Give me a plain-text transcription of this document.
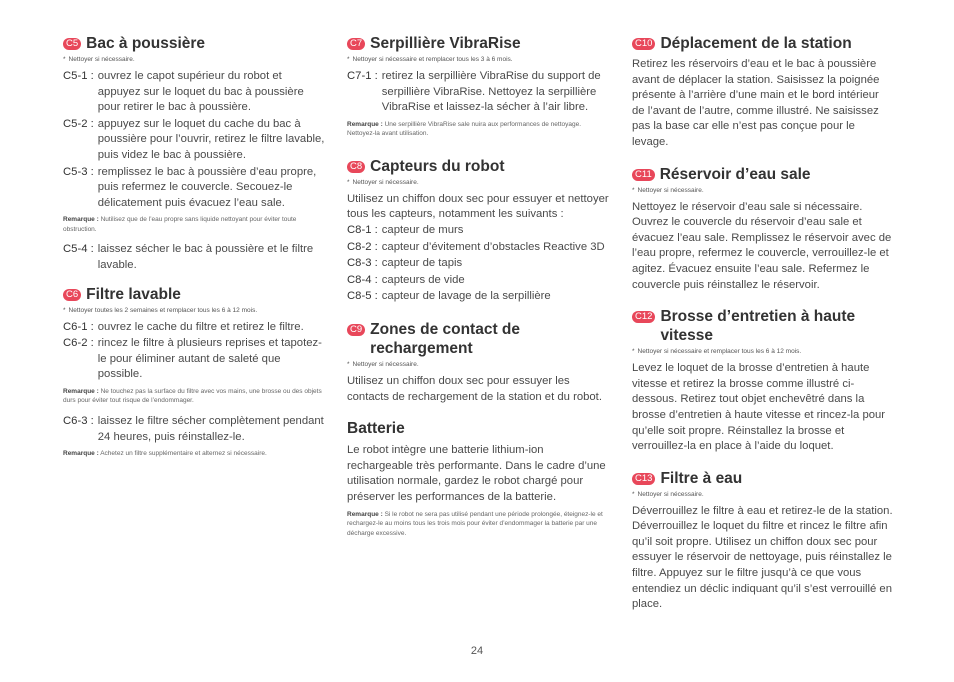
C5 Bac à poussière
* Nettoyer si nécessaire.
C5-1 : ouvrez le capot supérieur du robot et appuyez sur le loquet du bac à poussière pour retirer le bac à poussière.
C5-2 : appuyez sur le loquet du cache du bac à poussière pour l’ouvrir, retirez le filtre lavable, puis videz le bac à poussière.
C5-3 : remplissez le bac à poussière d’eau propre, puis refermez le couvercle. Secouez-le délicatement puis évacuez l’eau sale.
Remarque : Nutilisez que de l’eau propre sans liquide nettoyant pour éviter toute obstruction.
C5-4 : laissez sécher le bac à poussière et le filtre lavable.
C6 Filtre lavable
* Nettoyer toutes les 2 semaines et remplacer tous les 6 à 12 mois.
C6-1 : ouvrez le cache du filtre et retirez le filtre.
C6-2 : rincez le filtre à plusieurs reprises et tapotez-le pour éliminer autant de saleté que possible.
Remarque : Ne touchez pas la surface du filtre avec vos mains, une brosse ou des objets durs pour éviter tout risque de l’endommager.
C6-3 : laissez le filtre sécher complètement pendant 24 heures, puis réinstallez-le.
Remarque : Achetez un filtre supplémentaire et alternez si nécessaire.
C7 Serpillière VibraRise
* Nettoyer si nécessaire et remplacer tous les 3 à 6 mois.
C7-1 : retirez la serpillière VibraRise du support de serpillière VibraRise. Nettoyez la serpillière VibraRise et laissez-la sécher à l’air libre.
Remarque : Une serpillière VibraRise sale nuira aux performances de nettoyage. Nettoyez-la avant utilisation.
C8 Capteurs du robot
* Nettoyer si nécessaire.

Utilisez un chiffon doux sec pour essuyer et nettoyer tous les capteurs, notamment les suivants :

C8-1 : capteur de murs
C8-2 : capteur d’évitement d’obstacles Reactive 3D
C8-3 : capteur de tapis
C8-4 : capteurs de vide
C8-5 : capteur de lavage de la serpillière
C9 Zones de contact de rechargement
* Nettoyer si nécessaire.

Utilisez un chiffon doux sec pour essuyer les contacts de rechargement de la station et du robot.

Batterie

Le robot intègre une batterie lithium-ion rechargeable très performante. Dans le cadre d’une utilisation normale, gardez le robot chargé pour préserver les performances de la batterie.

Remarque : Si le robot ne sera pas utilisé pendant une période prolongée, éteignez-le et rechargez-le au moins tous les trois mois pour éviter d’endommager la batterie par une décharge excessive.
C10 Déplacement de la station

Retirez les réservoirs d’eau et le bac à poussière avant de déplacer la station. Saisissez la poignée présente à l’arrière d’une main et le bord intérieur de l’avant de l’autre, comme illustré. Ne saisissez pas la base car elle n’est pas conçue pour le levage.

C11 Réservoir d’eau sale
* Nettoyer si nécessaire.

Nettoyez le réservoir d’eau sale si nécessaire. Ouvrez le couvercle du réservoir d’eau sale et évacuez l’eau sale. Remplissez le réservoir avec de l’eau propre, refermez le couvercle, verrouillez-le et agitez. Évacuez ensuite l’eau sale. Refermez le couvercle puis réinstallez le réservoir.

C12 Brosse d’entretien à haute vitesse
* Nettoyer si nécessaire et remplacer tous les 6 à 12 mois.

Levez le loquet de la brosse d’entretien à haute vitesse et retirez la brosse comme illustré ci-dessous. Retirez tout objet enchevêtré dans la brosse d’entretien à haute vitesse et rincez-la pour qu’elle soit propre. Réinstallez la brosse et verrouillez-la en place à l’aide du loquet.

C13 Filtre à eau
* Nettoyer si nécessaire.

Déverrouillez le filtre à eau et retirez-le de la station. Déverrouillez le loquet du filtre et rincez le filtre afin qu’il soit propre. Utilisez un chiffon doux sec pour essuyer le réservoir de nettoyage, puis réinstallez le filtre. Appuyez sur le filtre jusqu’à ce que vous entendiez un déclic indiquant qu’il s’est verrouillé en place.

24
